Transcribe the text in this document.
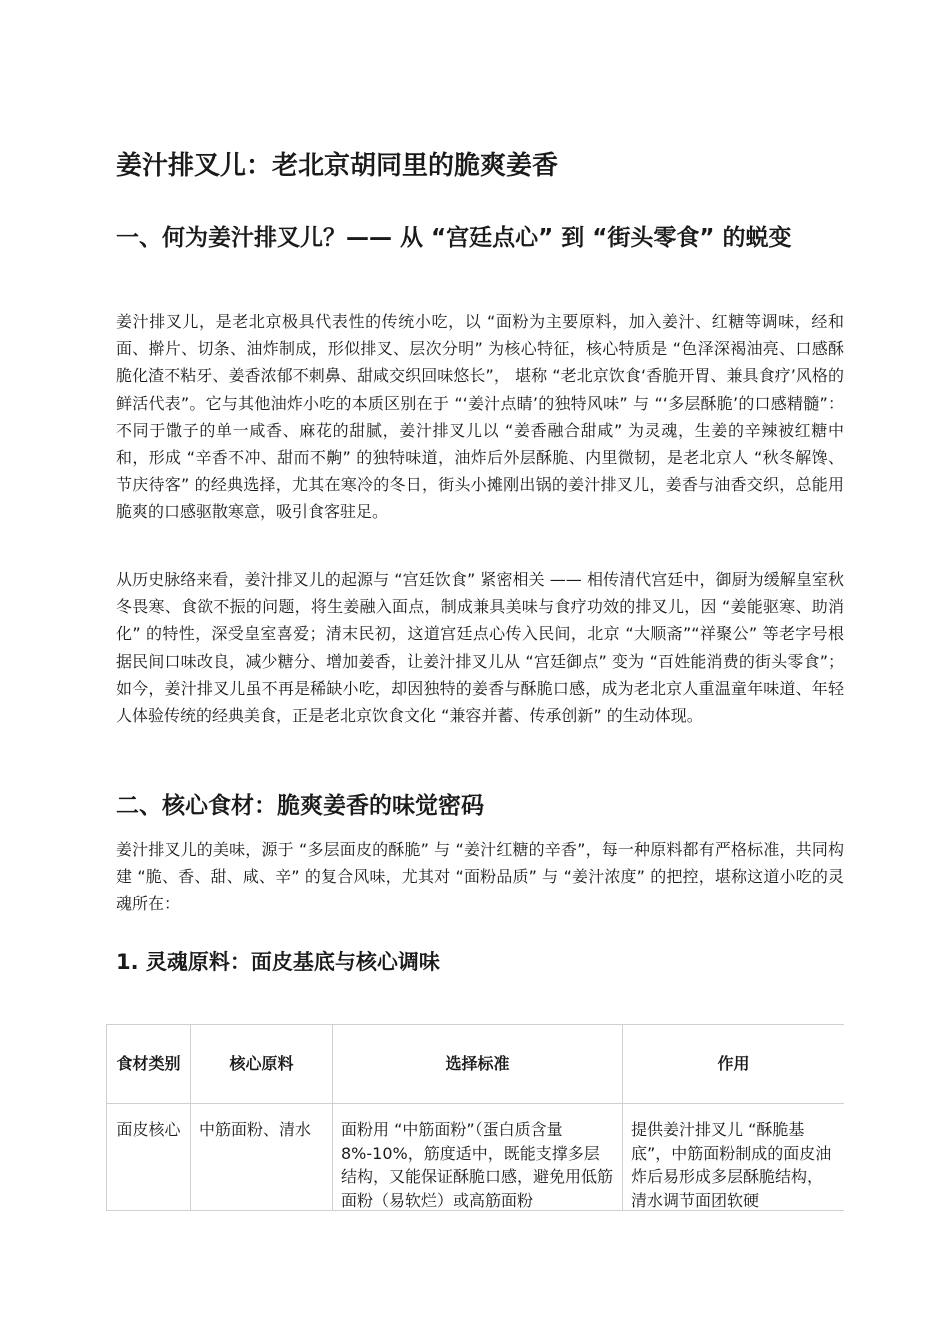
姜汁排叉儿：老北京胡同里的脆爽姜香
一、何为姜汁排叉儿？—— 从 “宫廷点心” 到 “街头零食” 的蜕变

姜汁排叉儿，是老北京极具代表性的传统小吃，以 “面粉为主要原料，加入姜汁、红糖等调味，经和面、擀片、切条、油炸制成，形似排叉、层次分明” 为核心特征，核心特质是 “色泽深褐油亮、口感酥脆化渣不粘牙、姜香浓郁不刺鼻、甜咸交织回味悠长”， 堪称 “老北京饮食‘香脆开胃、兼具食疗’风格的鲜活代表”。它与其他油炸小吃的本质区别在于 “‘姜汁点睛’的独特风味” 与 “‘多层酥脆’的口感精髓”：不同于馓子的单一咸香、麻花的甜腻，姜汁排叉儿以 “姜香融合甜咸” 为灵魂，生姜的辛辣被红糖中和，形成 “辛香不冲、甜而不齁” 的独特味道，油炸后外层酥脆、内里微韧，是老北京人 “秋冬解馋、节庆待客” 的经典选择，尤其在寒冷的冬日，街头小摊刚出锅的姜汁排叉儿，姜香与油香交织，总能用脆爽的口感驱散寒意，吸引食客驻足。

从历史脉络来看，姜汁排叉儿的起源与 “宫廷饮食” 紧密相关 —— 相传清代宫廷中，御厨为缓解皇室秋冬畏寒、食欲不振的问题，将生姜融入面点，制成兼具美味与食疗功效的排叉儿，因 “姜能驱寒、助消化” 的特性，深受皇室喜爱；清末民初，这道宫廷点心传入民间，北京 “大顺斋”“祥聚公” 等老字号根据民间口味改良，减少糖分、增加姜香，让姜汁排叉儿从 “宫廷御点” 变为 “百姓能消费的街头零食”；如今，姜汁排叉儿虽不再是稀缺小吃，却因独特的姜香与酥脆口感，成为老北京人重温童年味道、年轻人体验传统的经典美食，正是老北京饮食文化 “兼容并蓄、传承创新” 的生动体现。

二、核心食材：脆爽姜香的味觉密码

姜汁排叉儿的美味，源于 “多层面皮的酥脆” 与 “姜汁红糖的辛香”，每一种原料都有严格标准，共同构建 “脆、香、甜、咸、辛” 的复合风味，尤其对 “面粉品质” 与 “姜汁浓度” 的把控，堪称这道小吃的灵魂所在：

1. 灵魂原料：面皮基底与核心调味
食材类别	核心原料	选择标准	作用
面皮核心	中筋面粉、清水	面粉用 “中筋面粉”（蛋白质含量8%-10%，筋度适中，既能支撑多层结构，又能保证酥脆口感，避免用低筋面粉（易软烂）或高筋面粉	提供姜汁排叉儿 “酥脆基底”，中筋面粉制成的面皮油炸后易形成多层酥脆结构，清水调节面团软硬
